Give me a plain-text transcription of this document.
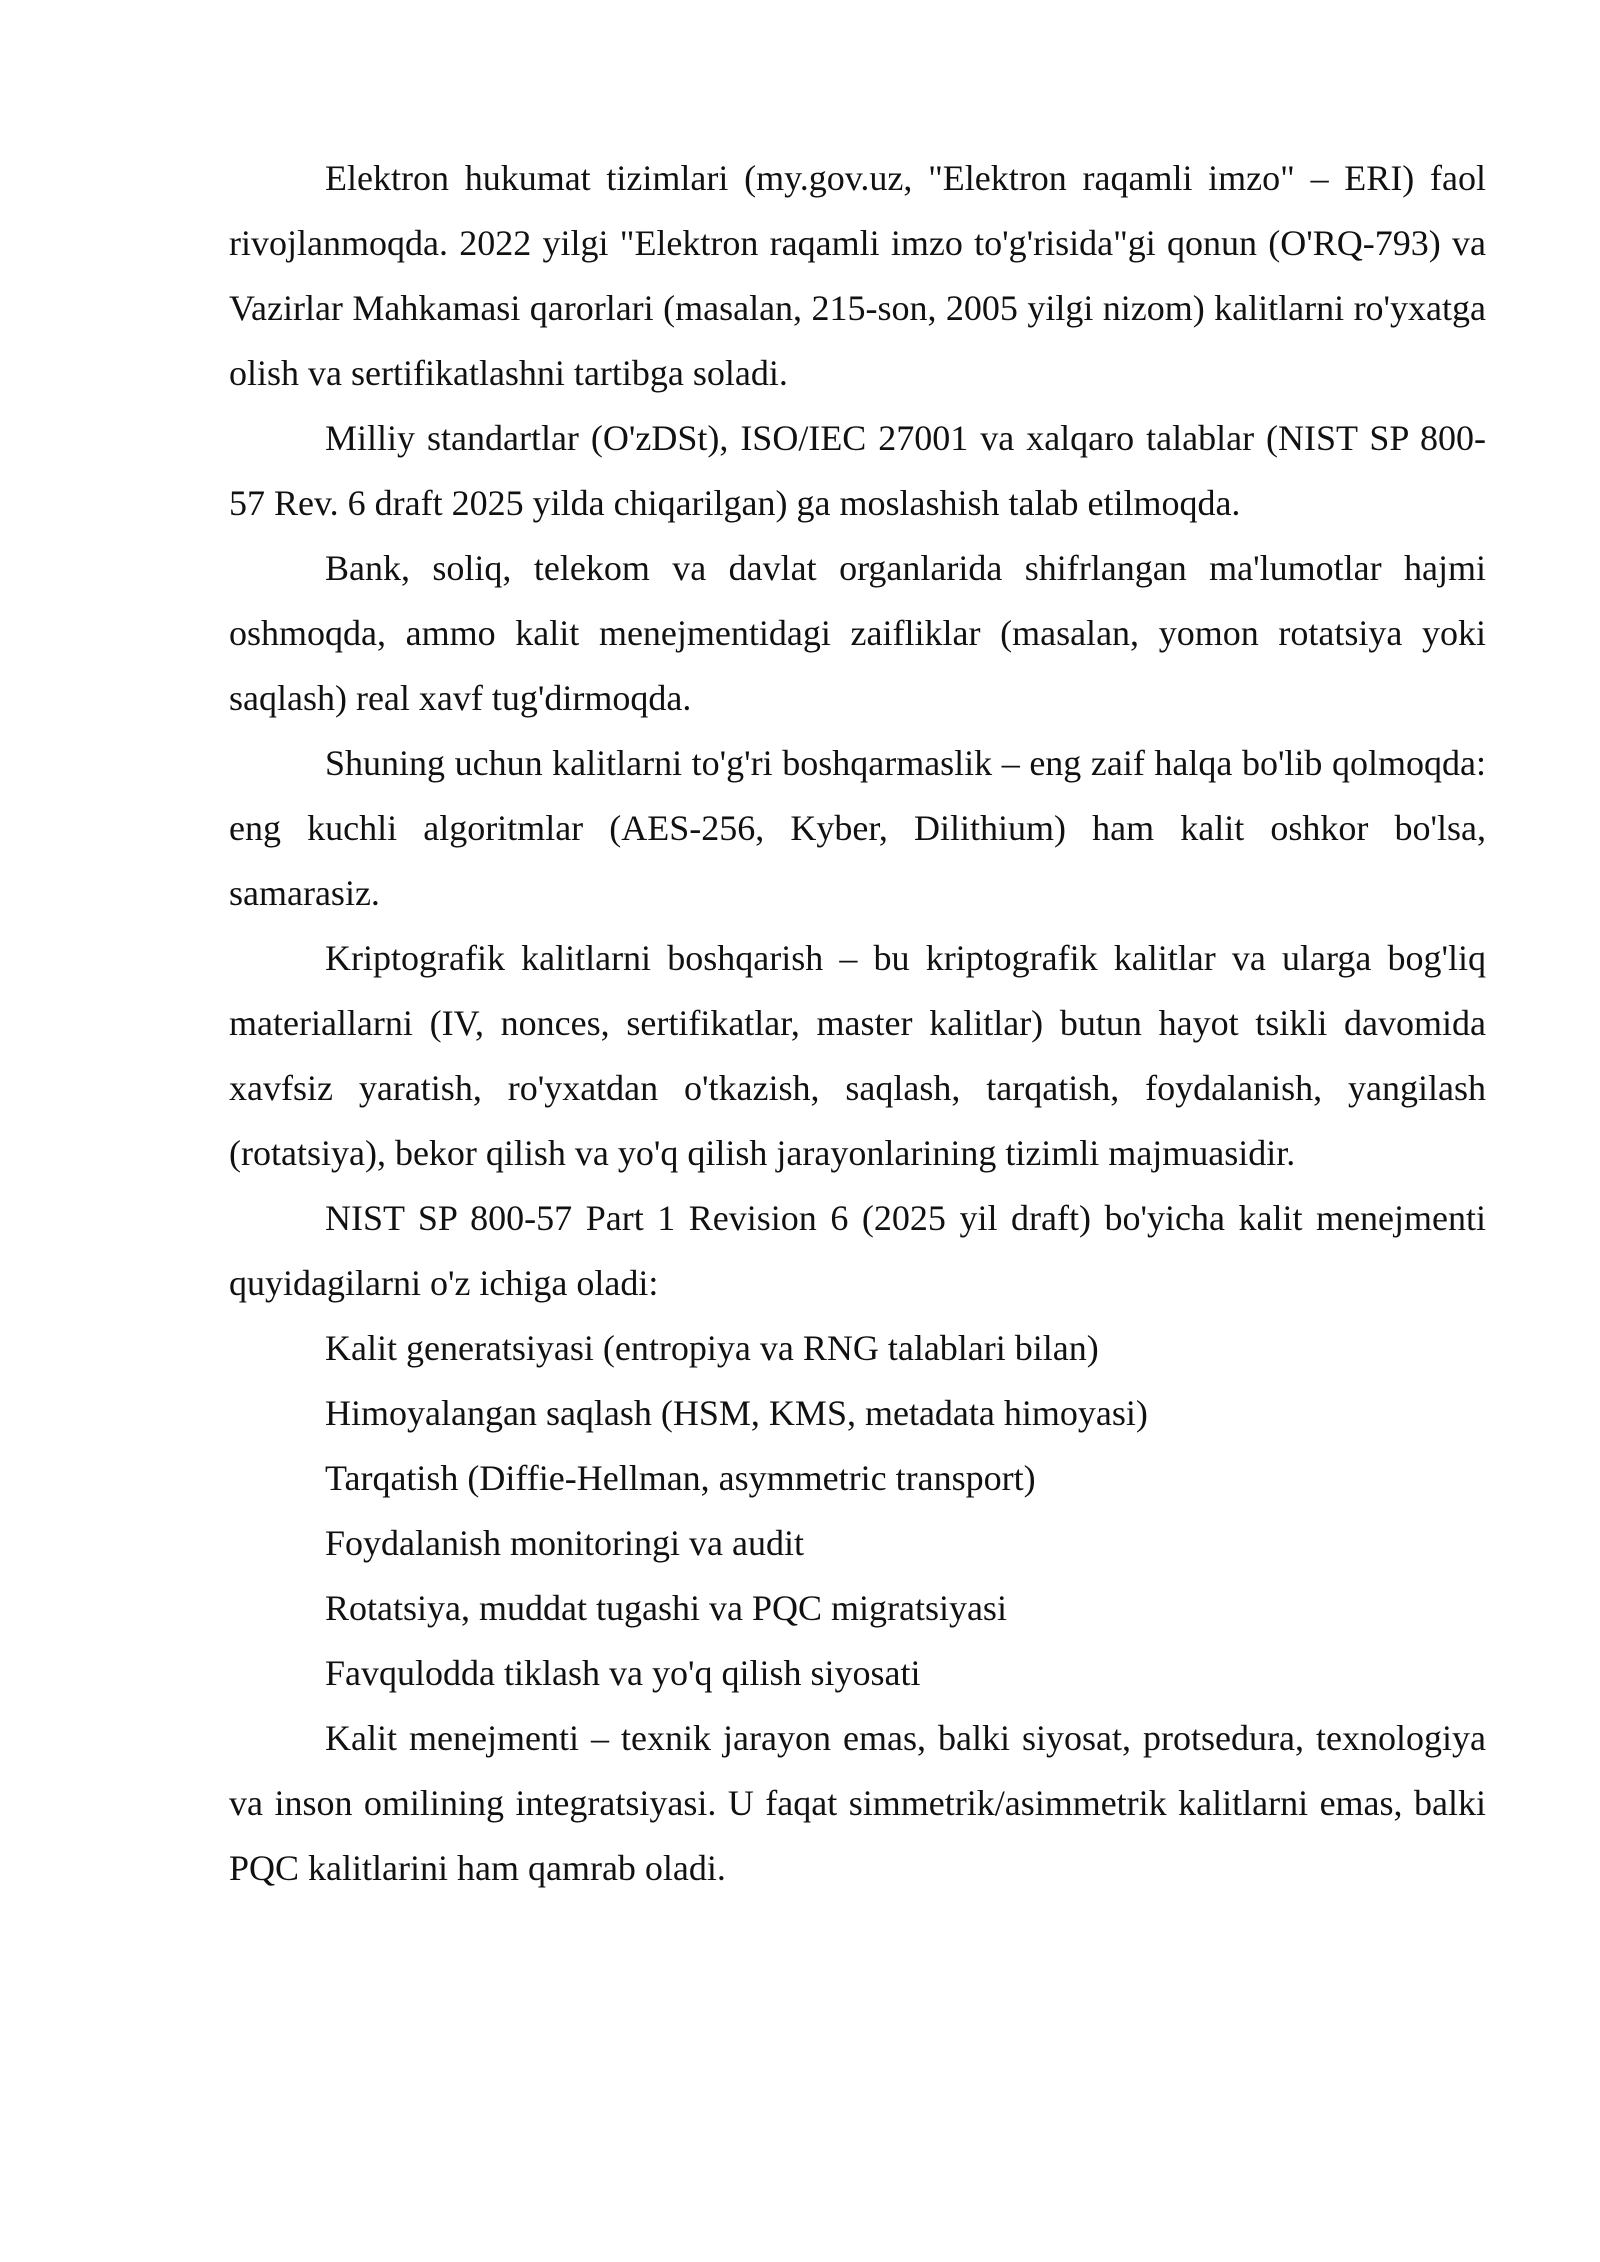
Elektron hukumat tizimlari (my.gov.uz, "Elektron raqamli imzo" – ERI) faol rivojlanmoqda. 2022 yilgi "Elektron raqamli imzo to'g'risida"gi qonun (O'RQ-793) va Vazirlar Mahkamasi qarorlari (masalan, 215-son, 2005 yilgi nizom) kalitlarni ro'yxatga olish va sertifikatlashni tartibga soladi.

Milliy standartlar (O'zDSt), ISO/IEC 27001 va xalqaro talablar (NIST SP 800-57 Rev. 6 draft 2025 yilda chiqarilgan) ga moslashish talab etilmoqda.

Bank, soliq, telekom va davlat organlarida shifrlangan ma'lumotlar hajmi oshmoqda, ammo kalit menejmentidagi zaifliklar (masalan, yomon rotatsiya yoki saqlash) real xavf tug'dirmoqda.

Shuning uchun kalitlarni to'g'ri boshqarmaslik – eng zaif halqa bo'lib qolmoqda: eng kuchli algoritmlar (AES-256, Kyber, Dilithium) ham kalit oshkor bo'lsa, samarasiz.

Kriptografik kalitlarni boshqarish – bu kriptografik kalitlar va ularga bog'liq materiallarni (IV, nonces, sertifikatlar, master kalitlar) butun hayot tsikli davomida xavfsiz yaratish, ro'yxatdan o'tkazish, saqlash, tarqatish, foydalanish, yangilash (rotatsiya), bekor qilish va yo'q qilish jarayonlarining tizimli majmuasidir.

NIST SP 800-57 Part 1 Revision 6 (2025 yil draft) bo'yicha kalit menejmenti quyidagilarni o'z ichiga oladi:

Kalit generatsiyasi (entropiya va RNG talablari bilan)

Himoyalangan saqlash (HSM, KMS, metadata himoyasi)

Tarqatish (Diffie-Hellman, asymmetric transport)

Foydalanish monitoringi va audit

Rotatsiya, muddat tugashi va PQC migratsiyasi

Favqulodda tiklash va yo'q qilish siyosati

Kalit menejmenti – texnik jarayon emas, balki siyosat, protsedura, texnologiya va inson omilining integratsiyasi. U faqat simmetrik/asimmetrik kalitlarni emas, balki PQC kalitlarini ham qamrab oladi.
